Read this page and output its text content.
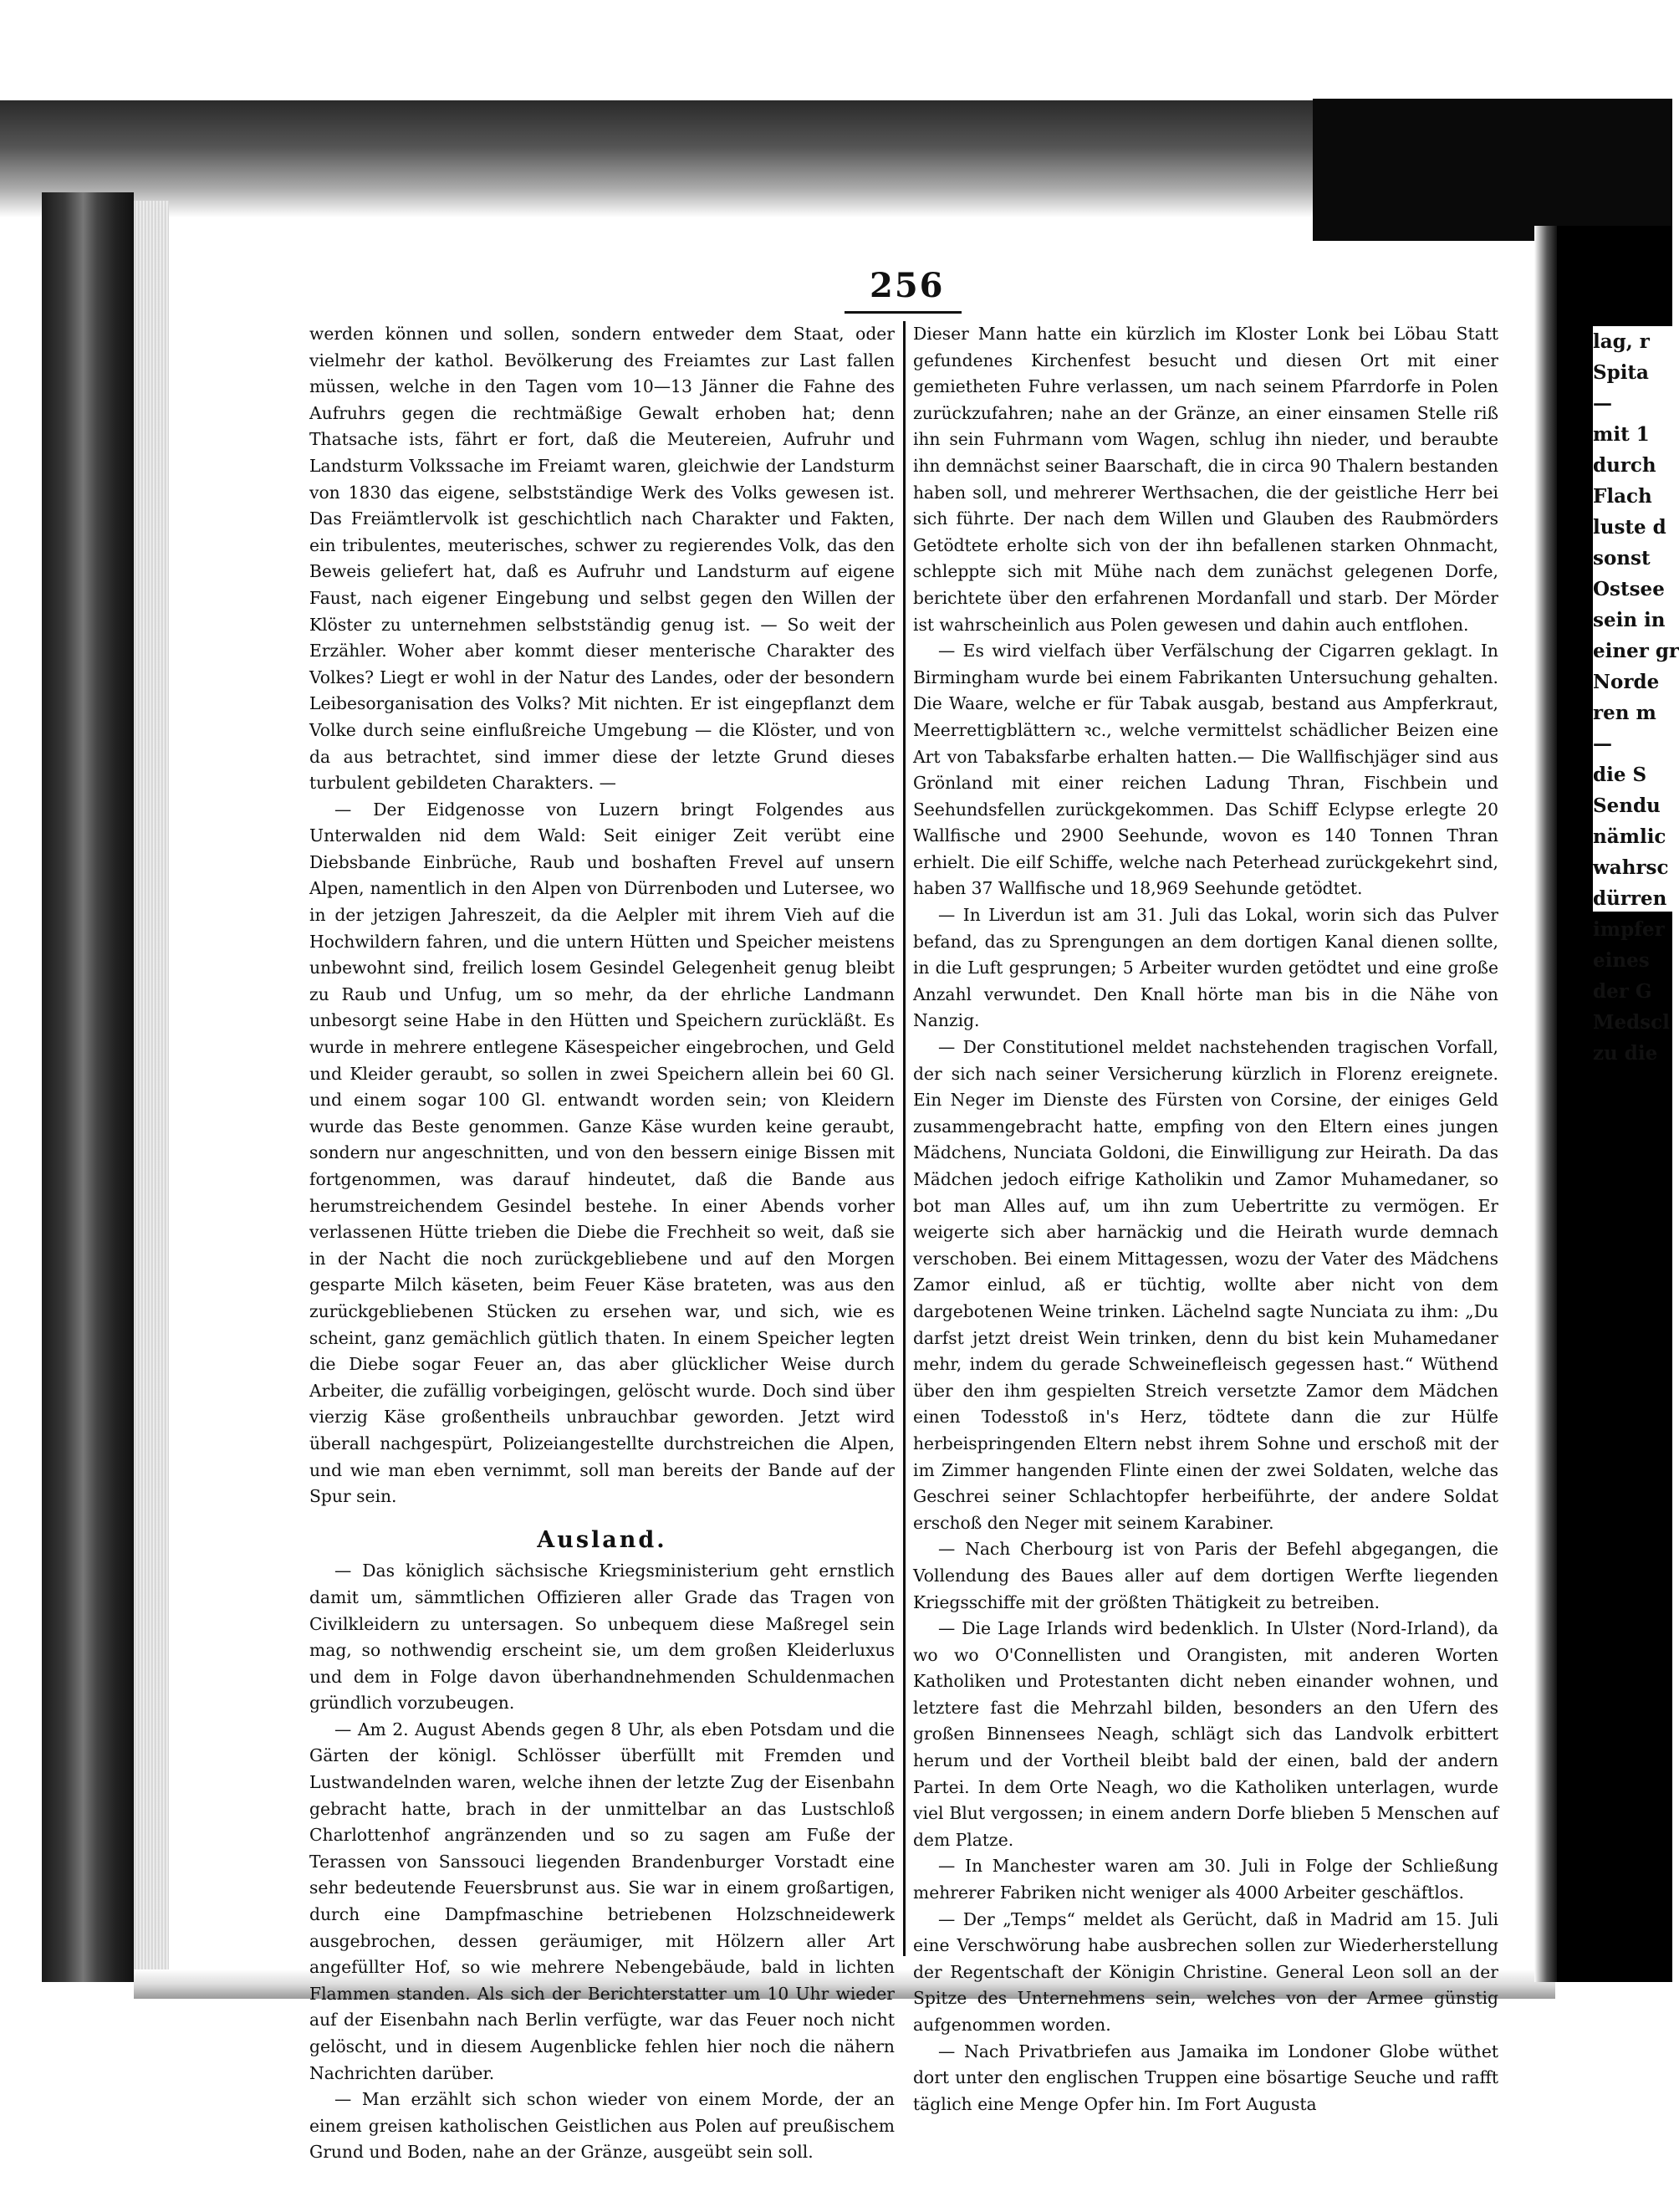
lag, r

Spita

—

mit 1

durch

Flach

luste d

sonst

Ostsee

sein in

einer gr

Norde

ren m

—

die S

Sendu

nämlic

wahrsc

dürren

impfer

eines

der G

Medscl

zu die

256

werden können und sollen, sondern entweder dem Staat, oder vielmehr der kathol. Bevölkerung des Freiamtes zur Last fallen müssen, welche in den Tagen vom 10—13 Jänner die Fahne des Aufruhrs gegen die rechtmäßige Gewalt erhoben hat; denn Thatsache ists, fährt er fort, daß die Meutereien, Aufruhr und Landsturm Volkssache im Freiamt waren, gleichwie der Landsturm von 1830 das eigene, selbstständige Werk des Volks gewesen ist. Das Freiämtlervolk ist geschichtlich nach Charakter und Fakten, ein tribulentes, meuterisches, schwer zu regierendes Volk, das den Beweis geliefert hat, daß es Aufruhr und Landsturm auf eigene Faust, nach eigener Eingebung und selbst gegen den Willen der Klöster zu unternehmen selbstständig genug ist. — So weit der Erzähler. Woher aber kommt dieser menterische Charakter des Volkes? Liegt er wohl in der Natur des Landes, oder der besondern Leibesorganisation des Volks? Mit nichten. Er ist eingepflanzt dem Volke durch seine einflußreiche Umgebung — die Klöster, und von da aus betrachtet, sind immer diese der letzte Grund dieses turbulent gebildeten Charakters. —

— Der Eidgenosse von Luzern bringt Folgendes aus Unterwalden nid dem Wald: Seit einiger Zeit verübt eine Diebsbande Einbrüche, Raub und boshaften Frevel auf unsern Alpen, namentlich in den Alpen von Dürrenboden und Lutersee, wo in der jetzigen Jahreszeit, da die Aelpler mit ihrem Vieh auf die Hochwildern fahren, und die untern Hütten und Speicher meistens unbewohnt sind, freilich losem Gesindel Gelegenheit genug bleibt zu Raub und Unfug, um so mehr, da der ehrliche Landmann unbesorgt seine Habe in den Hütten und Speichern zurückläßt. Es wurde in mehrere entlegene Käsespeicher eingebrochen, und Geld und Kleider geraubt, so sollen in zwei Speichern allein bei 60 Gl. und einem sogar 100 Gl. entwandt worden sein; von Kleidern wurde das Beste genommen. Ganze Käse wurden keine geraubt, sondern nur angeschnitten, und von den bessern einige Bissen mit fortgenommen, was darauf hindeutet, daß die Bande aus herumstreichendem Gesindel bestehe. In einer Abends vorher verlassenen Hütte trieben die Diebe die Frechheit so weit, daß sie in der Nacht die noch zurückgebliebene und auf den Morgen gesparte Milch käseten, beim Feuer Käse brateten, was aus den zurückgebliebenen Stücken zu ersehen war, und sich, wie es scheint, ganz gemächlich gütlich thaten. In einem Speicher legten die Diebe sogar Feuer an, das aber glücklicher Weise durch Arbeiter, die zufällig vorbeigingen, gelöscht wurde. Doch sind über vierzig Käse großentheils unbrauchbar geworden. Jetzt wird überall nachgespürt, Polizeiangestellte durchstreichen die Alpen, und wie man eben vernimmt, soll man bereits der Bande auf der Spur sein.

Ausland.

— Das königlich sächsische Kriegsministerium geht ernstlich damit um, sämmtlichen Offizieren aller Grade das Tragen von Civilkleidern zu untersagen. So unbequem diese Maßregel sein mag, so nothwendig erscheint sie, um dem großen Kleiderluxus und dem in Folge davon überhandnehmenden Schuldenmachen gründlich vorzubeugen.

— Am 2. August Abends gegen 8 Uhr, als eben Potsdam und die Gärten der königl. Schlösser überfüllt mit Fremden und Lustwandelnden waren, welche ihnen der letzte Zug der Eisenbahn gebracht hatte, brach in der unmittelbar an das Lustschloß Charlottenhof angränzenden und so zu sagen am Fuße der Terassen von Sanssouci liegenden Brandenburger Vorstadt eine sehr bedeutende Feuersbrunst aus. Sie war in einem großartigen, durch eine Dampfmaschine betriebenen Holzschneidewerk ausgebrochen, dessen geräumiger, mit Hölzern aller Art angefüllter Hof, so wie mehrere Nebengebäude, bald in lichten Flammen standen. Als sich der Berichterstatter um 10 Uhr wieder auf der Eisenbahn nach Berlin verfügte, war das Feuer noch nicht gelöscht, und in diesem Augenblicke fehlen hier noch die nähern Nachrichten darüber.

— Man erzählt sich schon wieder von einem Morde, der an einem greisen katholischen Geistlichen aus Polen auf preußischem Grund und Boden, nahe an der Gränze, ausgeübt sein soll.

Dieser Mann hatte ein kürzlich im Kloster Lonk bei Löbau Statt gefundenes Kirchenfest besucht und diesen Ort mit einer gemietheten Fuhre verlassen, um nach seinem Pfarrdorfe in Polen zurückzufahren; nahe an der Gränze, an einer einsamen Stelle riß ihn sein Fuhrmann vom Wagen, schlug ihn nieder, und beraubte ihn demnächst seiner Baarschaft, die in circa 90 Thalern bestanden haben soll, und mehrerer Werthsachen, die der geistliche Herr bei sich führte. Der nach dem Willen und Glauben des Raubmörders Getödtete erholte sich von der ihn befallenen starken Ohnmacht, schleppte sich mit Mühe nach dem zunächst gelegenen Dorfe, berichtete über den erfahrenen Mordanfall und starb. Der Mörder ist wahrscheinlich aus Polen gewesen und dahin auch entflohen.

— Es wird vielfach über Verfälschung der Cigarren geklagt. In Birmingham wurde bei einem Fabrikanten Untersuchung gehalten. Die Waare, welche er für Tabak ausgab, bestand aus Ampferkraut, Meerrettigblättern ꝛc., welche vermittelst schädlicher Beizen eine Art von Tabaksfarbe erhalten hatten.— Die Wallfischjäger sind aus Grönland mit einer reichen Ladung Thran, Fischbein und Seehundsfellen zurückgekommen. Das Schiff Eclypse erlegte 20 Wallfische und 2900 Seehunde, wovon es 140 Tonnen Thran erhielt. Die eilf Schiffe, welche nach Peterhead zurückgekehrt sind, haben 37 Wallfische und 18,969 Seehunde getödtet.

— In Liverdun ist am 31. Juli das Lokal, worin sich das Pulver befand, das zu Sprengungen an dem dortigen Kanal dienen sollte, in die Luft gesprungen; 5 Arbeiter wurden getödtet und eine große Anzahl verwundet. Den Knall hörte man bis in die Nähe von Nanzig.

— Der Constitutionel meldet nachstehenden tragischen Vorfall, der sich nach seiner Versicherung kürzlich in Florenz ereignete. Ein Neger im Dienste des Fürsten von Corsine, der einiges Geld zusammengebracht hatte, empfing von den Eltern eines jungen Mädchens, Nunciata Goldoni, die Einwilligung zur Heirath. Da das Mädchen jedoch eifrige Katholikin und Zamor Muhamedaner, so bot man Alles auf, um ihn zum Uebertritte zu vermögen. Er weigerte sich aber harnäckig und die Heirath wurde demnach verschoben. Bei einem Mittagessen, wozu der Vater des Mädchens Zamor einlud, aß er tüchtig, wollte aber nicht von dem dargebotenen Weine trinken. Lächelnd sagte Nunciata zu ihm: „Du darfst jetzt dreist Wein trinken, denn du bist kein Muhamedaner mehr, indem du gerade Schweinefleisch gegessen hast.“ Wüthend über den ihm gespielten Streich versetzte Zamor dem Mädchen einen Todesstoß in's Herz, tödtete dann die zur Hülfe herbeispringenden Eltern nebst ihrem Sohne und erschoß mit der im Zimmer hangenden Flinte einen der zwei Soldaten, welche das Geschrei seiner Schlachtopfer herbeiführte, der andere Soldat erschoß den Neger mit seinem Karabiner.

— Nach Cherbourg ist von Paris der Befehl abgegangen, die Vollendung des Baues aller auf dem dortigen Werfte liegenden Kriegsschiffe mit der größten Thätigkeit zu betreiben.

— Die Lage Irlands wird bedenklich. In Ulster (Nord-Irland), da wo wo O'Connellisten und Orangisten, mit anderen Worten Katholiken und Protestanten dicht neben einander wohnen, und letztere fast die Mehrzahl bilden, besonders an den Ufern des großen Binnensees Neagh, schlägt sich das Landvolk erbittert herum und der Vortheil bleibt bald der einen, bald der andern Partei. In dem Orte Neagh, wo die Katholiken unterlagen, wurde viel Blut vergossen; in einem andern Dorfe blieben 5 Menschen auf dem Platze.

— In Manchester waren am 30. Juli in Folge der Schließung mehrerer Fabriken nicht weniger als 4000 Arbeiter geschäftlos.

— Der „Temps“ meldet als Gerücht, daß in Madrid am 15. Juli eine Verschwörung habe ausbrechen sollen zur Wiederherstellung der Regentschaft der Königin Christine. General Leon soll an der Spitze des Unternehmens sein, welches von der Armee günstig aufgenommen worden.

— Nach Privatbriefen aus Jamaika im Londoner Globe wüthet dort unter den englischen Truppen eine bösartige Seuche und rafft täglich eine Menge Opfer hin. Im Fort Augusta
